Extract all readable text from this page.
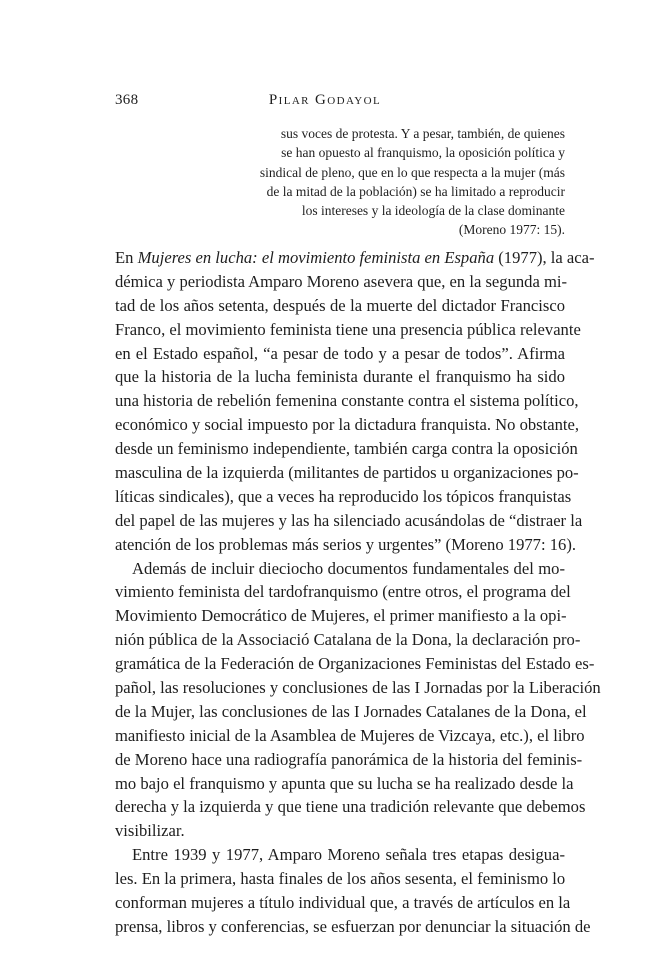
368	Pilar Godayol
sus voces de protesta. Y a pesar, también, de quienes
se han opuesto al franquismo, la oposición política y
sindical de pleno, que en lo que respecta a la mujer (más
de la mitad de la población) se ha limitado a reproducir
los intereses y la ideología de la clase dominante
(Moreno 1977: 15).
En Mujeres en lucha: el movimiento feminista en España (1977), la aca-
démica y periodista Amparo Moreno asevera que, en la segunda mi-
tad de los años setenta, después de la muerte del dictador Francisco
Franco, el movimiento feminista tiene una presencia pública relevante
en el Estado español, “a pesar de todo y a pesar de todos”. Afirma
que la historia de la lucha feminista durante el franquismo ha sido
una historia de rebelión femenina constante contra el sistema político,
económico y social impuesto por la dictadura franquista. No obstante,
desde un feminismo independiente, también carga contra la oposición
masculina de la izquierda (militantes de partidos u organizaciones po-
líticas sindicales), que a veces ha reproducido los tópicos franquistas
del papel de las mujeres y las ha silenciado acusándolas de “distraer la
atención de los problemas más serios y urgentes” (Moreno 1977: 16).
Además de incluir dieciocho documentos fundamentales del mo-
vimiento feminista del tardofranquismo (entre otros, el programa del
Movimiento Democrático de Mujeres, el primer manifiesto a la opi-
nión pública de la Associació Catalana de la Dona, la declaración pro-
gramática de la Federación de Organizaciones Feministas del Estado es-
pañol, las resoluciones y conclusiones de las I Jornadas por la Liberación
de la Mujer, las conclusiones de las I Jornades Catalanes de la Dona, el
manifiesto inicial de la Asamblea de Mujeres de Vizcaya, etc.), el libro
de Moreno hace una radiografía panorámica de la historia del feminis-
mo bajo el franquismo y apunta que su lucha se ha realizado desde la
derecha y la izquierda y que tiene una tradición relevante que debemos
visibilizar.
Entre 1939 y 1977, Amparo Moreno señala tres etapas desigua-
les. En la primera, hasta finales de los años sesenta, el feminismo lo
conforman mujeres a título individual que, a través de artículos en la
prensa, libros y conferencias, se esfuerzan por denunciar la situación de
